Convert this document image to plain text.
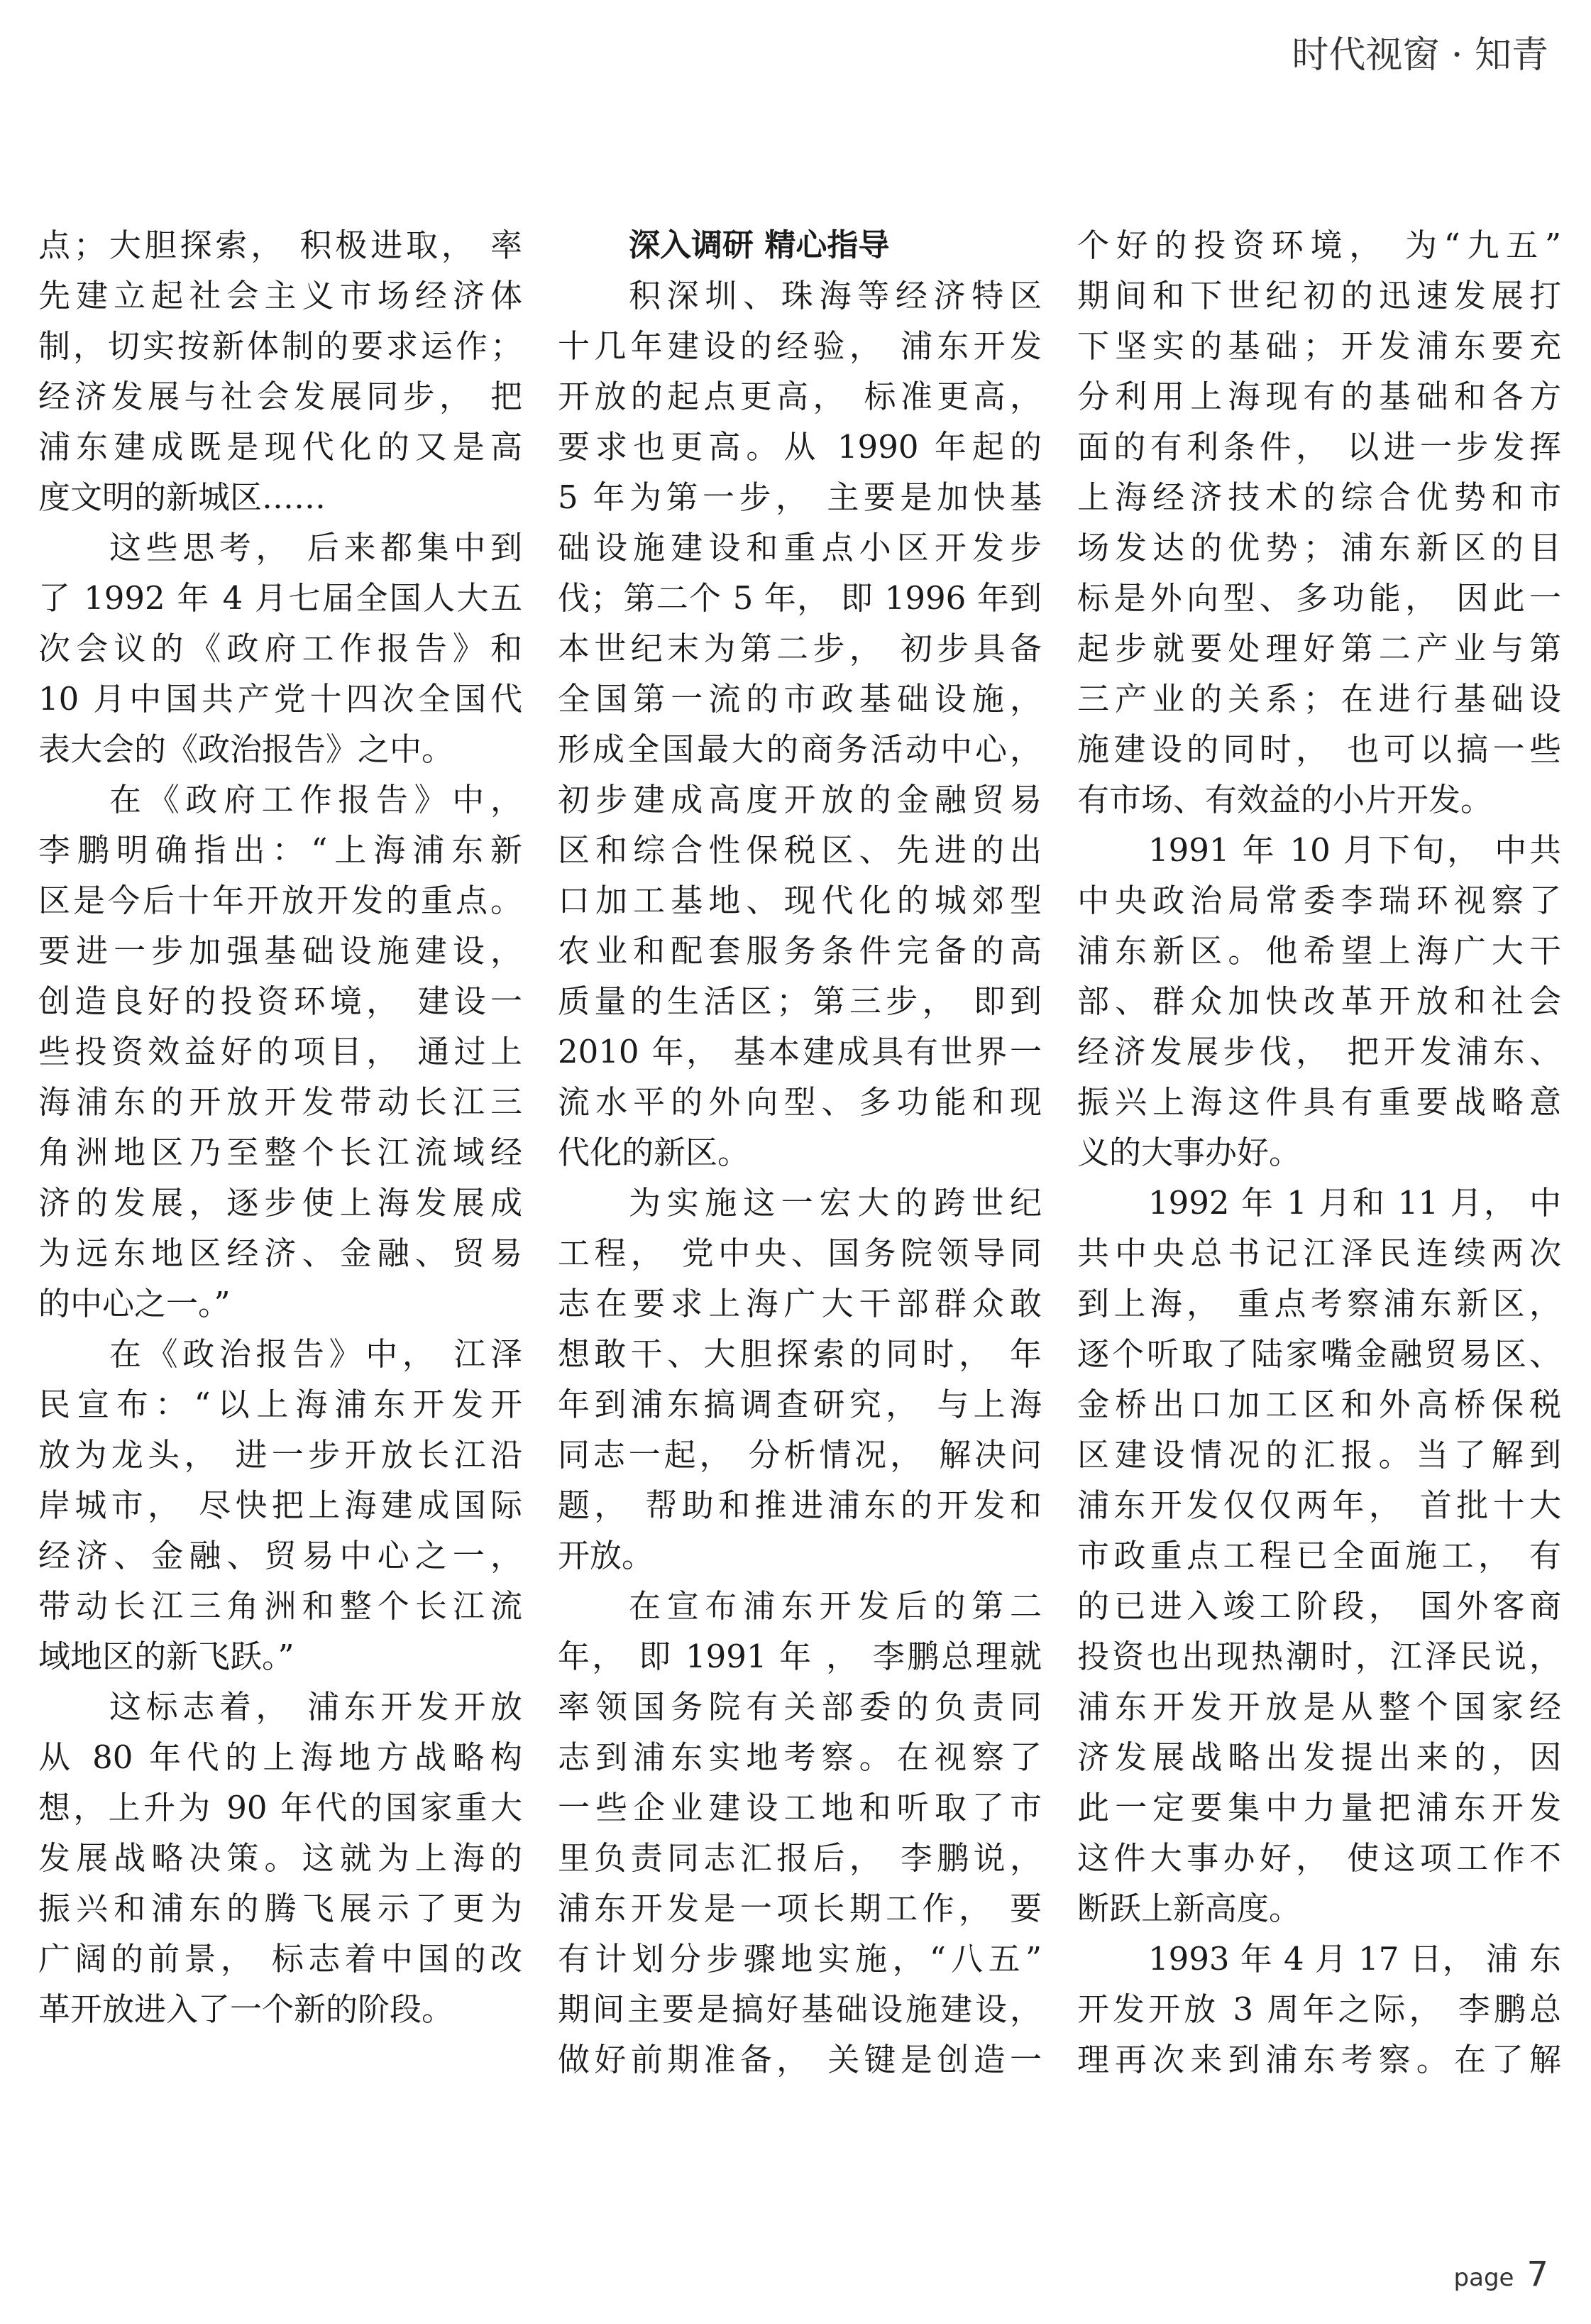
时代视窗 · 知青
点；大胆探索， 积极进取， 率
先建立起社会主义市场经济体
制，切实按新体制的要求运作；
经济发展与社会发展同步， 把
浦东建成既是现代化的又是高
度文明的新城区……
这些思考， 后来都集中到
了 1992 年 4 月七届全国人大五
次会议的《政府工作报告》和
10 月中国共产党十四次全国代
表大会的《政治报告》之中。
在《政府工作报告》中，
李鹏明确指出：“上海浦东新
区是今后十年开放开发的重点。
要进一步加强基础设施建设，
创造良好的投资环境， 建设一
些投资效益好的项目， 通过上
海浦东的开放开发带动长江三
角洲地区乃至整个长江流域经
济的发展，逐步使上海发展成
为远东地区经济、金融、贸易
的中心之一。”
在《政治报告》中， 江泽
民宣布：“以上海浦东开发开
放为龙头， 进一步开放长江沿
岸城市， 尽快把上海建成国际
经济、金融、贸易中心之一，
带动长江三角洲和整个长江流
域地区的新飞跃。”
这标志着， 浦东开发开放
从 80 年代的上海地方战略构
想，上升为 90 年代的国家重大
发展战略决策。这就为上海的
振兴和浦东的腾飞展示了更为
广阔的前景， 标志着中国的改
革开放进入了一个新的阶段。
深入调研 精心指导
积深圳、珠海等经济特区
十几年建设的经验， 浦东开发
开放的起点更高， 标准更高，
要求也更高。从 1990 年起的
5 年为第一步， 主要是加快基
础设施建设和重点小区开发步
伐；第二个 5 年， 即 1996 年到
本世纪末为第二步， 初步具备
全国第一流的市政基础设施，
形成全国最大的商务活动中心，
初步建成高度开放的金融贸易
区和综合性保税区、先进的出
口加工基地、现代化的城郊型
农业和配套服务条件完备的高
质量的生活区；第三步， 即到
2010 年， 基本建成具有世界一
流水平的外向型、多功能和现
代化的新区。
为实施这一宏大的跨世纪
工程， 党中央、国务院领导同
志在要求上海广大干部群众敢
想敢干、大胆探索的同时， 年
年到浦东搞调查研究， 与上海
同志一起， 分析情况， 解决问
题， 帮助和推进浦东的开发和
开放。
在宣布浦东开发后的第二
年， 即 1991 年 ， 李鹏总理就
率领国务院有关部委的负责同
志到浦东实地考察。在视察了
一些企业建设工地和听取了市
里负责同志汇报后， 李鹏说，
浦东开发是一项长期工作， 要
有计划分步骤地实施，“八五”
期间主要是搞好基础设施建设，
做好前期准备， 关键是创造一
个好的投资环境， 为“九五”
期间和下世纪初的迅速发展打
下坚实的基础；开发浦东要充
分利用上海现有的基础和各方
面的有利条件， 以进一步发挥
上海经济技术的综合优势和市
场发达的优势；浦东新区的目
标是外向型、多功能， 因此一
起步就要处理好第二产业与第
三产业的关系；在进行基础设
施建设的同时， 也可以搞一些
有市场、有效益的小片开发。
1991 年 10 月下旬， 中共
中央政治局常委李瑞环视察了
浦东新区。他希望上海广大干
部、群众加快改革开放和社会
经济发展步伐， 把开发浦东、
振兴上海这件具有重要战略意
义的大事办好。
1992 年 1 月和 11 月， 中
共中央总书记江泽民连续两次
到上海， 重点考察浦东新区，
逐个听取了陆家嘴金融贸易区、
金桥出口加工区和外高桥保税
区建设情况的汇报。当了解到
浦东开发仅仅两年， 首批十大
市政重点工程已全面施工， 有
的已进入竣工阶段， 国外客商
投资也出现热潮时，江泽民说，
浦东开发开放是从整个国家经
济发展战略出发提出来的，因
此一定要集中力量把浦东开发
这件大事办好， 使这项工作不
断跃上新高度。
1993 年 4 月 17 日， 浦 东
开发开放 3 周年之际， 李鹏总
理再次来到浦东考察。在了解
page 7
